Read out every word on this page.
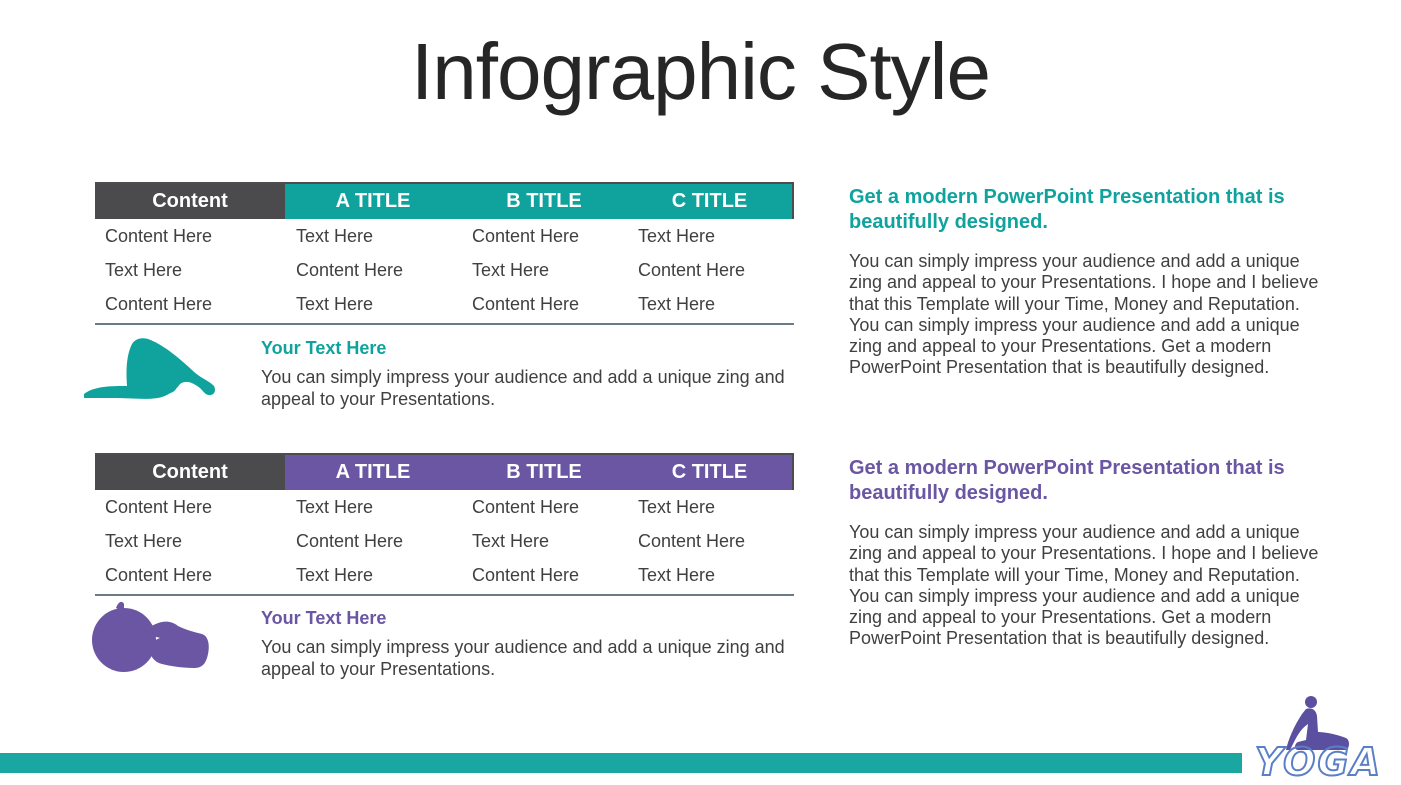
Infographic Style
Content	A TITLE	B TITLE	C TITLE
Content Here	Text Here	Content Here	Text Here
Text Here	Content Here	Text Here	Content Here
Content Here	Text Here	Content Here	Text Here
Your Text Here
You can simply impress your audience and add a unique zing and appeal to your Presentations.
Get a modern PowerPoint Presentation that is beautifully designed.
You can simply impress your audience and add a unique zing and appeal to your Presentations. I hope and I believe that this Template will your Time, Money and Reputation. You can simply impress your audience and add a unique zing and appeal to your Presentations. Get a modern PowerPoint Presentation that is beautifully designed.
Content	A TITLE	B TITLE	C TITLE
Content Here	Text Here	Content Here	Text Here
Text Here	Content Here	Text Here	Content Here
Content Here	Text Here	Content Here	Text Here
Your Text Here
You can simply impress your audience and add a unique zing and appeal to your Presentations.
Get a modern PowerPoint Presentation that is beautifully designed.
You can simply impress your audience and add a unique zing and appeal to your Presentations. I hope and I believe that this Template will your Time, Money and Reputation. You can simply impress your audience and add a unique zing and appeal to your Presentations. Get a modern PowerPoint Presentation that is beautifully designed.
YOGA
